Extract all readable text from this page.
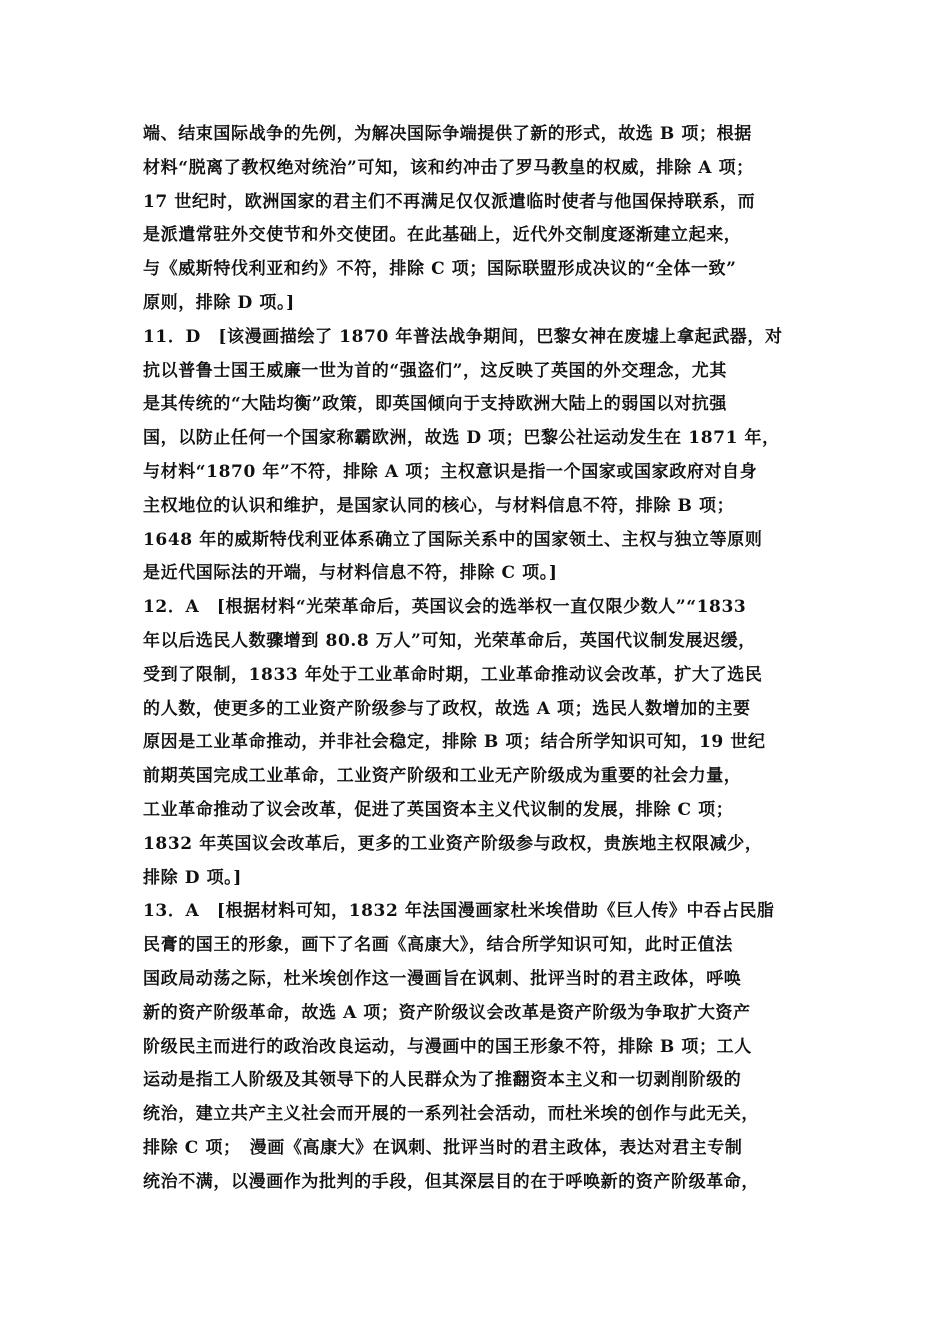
端、结束国际战争的先例，为解决国际争端提供了新的形式，故选 B 项；根据
材料“脱离了教权绝对统治”可知，该和约冲击了罗马教皇的权威，排除 A 项；
17 世纪时，欧洲国家的君主们不再满足仅仅派遣临时使者与他国保持联系，而
是派遣常驻外交使节和外交使团。在此基础上，近代外交制度逐渐建立起来，
与《威斯特伐利亚和约》不符，排除 C 项；国际联盟形成决议的“全体一致”
原则，排除 D 项。]
11．D　[该漫画描绘了 1870 年普法战争期间，巴黎女神在废墟上拿起武器，对
抗以普鲁士国王威廉一世为首的“强盗们”，这反映了英国的外交理念，尤其
是其传统的“大陆均衡”政策，即英国倾向于支持欧洲大陆上的弱国以对抗强
国，以防止任何一个国家称霸欧洲，故选 D 项；巴黎公社运动发生在 1871 年，
与材料“1870 年”不符，排除 A 项；主权意识是指一个国家或国家政府对自身
主权地位的认识和维护，是国家认同的核心，与材料信息不符，排除 B 项；
1648 年的威斯特伐利亚体系确立了国际关系中的国家领土、主权与独立等原则
是近代国际法的开端，与材料信息不符，排除 C 项。]
12．A　[根据材料“光荣革命后，英国议会的选举权一直仅限少数人”“1833
年以后选民人数骤增到 80.8 万人”可知，光荣革命后，英国代议制发展迟缓，
受到了限制，1833 年处于工业革命时期，工业革命推动议会改革，扩大了选民
的人数，使更多的工业资产阶级参与了政权，故选 A 项；选民人数增加的主要
原因是工业革命推动，并非社会稳定，排除 B 项；结合所学知识可知，19 世纪
前期英国完成工业革命，工业资产阶级和工业无产阶级成为重要的社会力量，
工业革命推动了议会改革，促进了英国资本主义代议制的发展，排除 C 项；
1832 年英国议会改革后，更多的工业资产阶级参与政权，贵族地主权限减少，
排除 D 项。]
13．A　[根据材料可知，1832 年法国漫画家杜米埃借助《巨人传》中吞占民脂
民膏的国王的形象，画下了名画《高康大》，结合所学知识可知，此时正值法
国政局动荡之际，杜米埃创作这一漫画旨在讽刺、批评当时的君主政体，呼唤
新的资产阶级革命，故选 A 项；资产阶级议会改革是资产阶级为争取扩大资产
阶级民主而进行的政治改良运动，与漫画中的国王形象不符，排除 B 项；工人
运动是指工人阶级及其领导下的人民群众为了推翻资本主义和一切剥削阶级的
统治，建立共产主义社会而开展的一系列社会活动，而杜米埃的创作与此无关，
排除 C 项；　漫画《高康大》在讽刺、批评当时的君主政体，表达对君主专制
统治不满，以漫画作为批判的手段，但其深层目的在于呼唤新的资产阶级革命，
